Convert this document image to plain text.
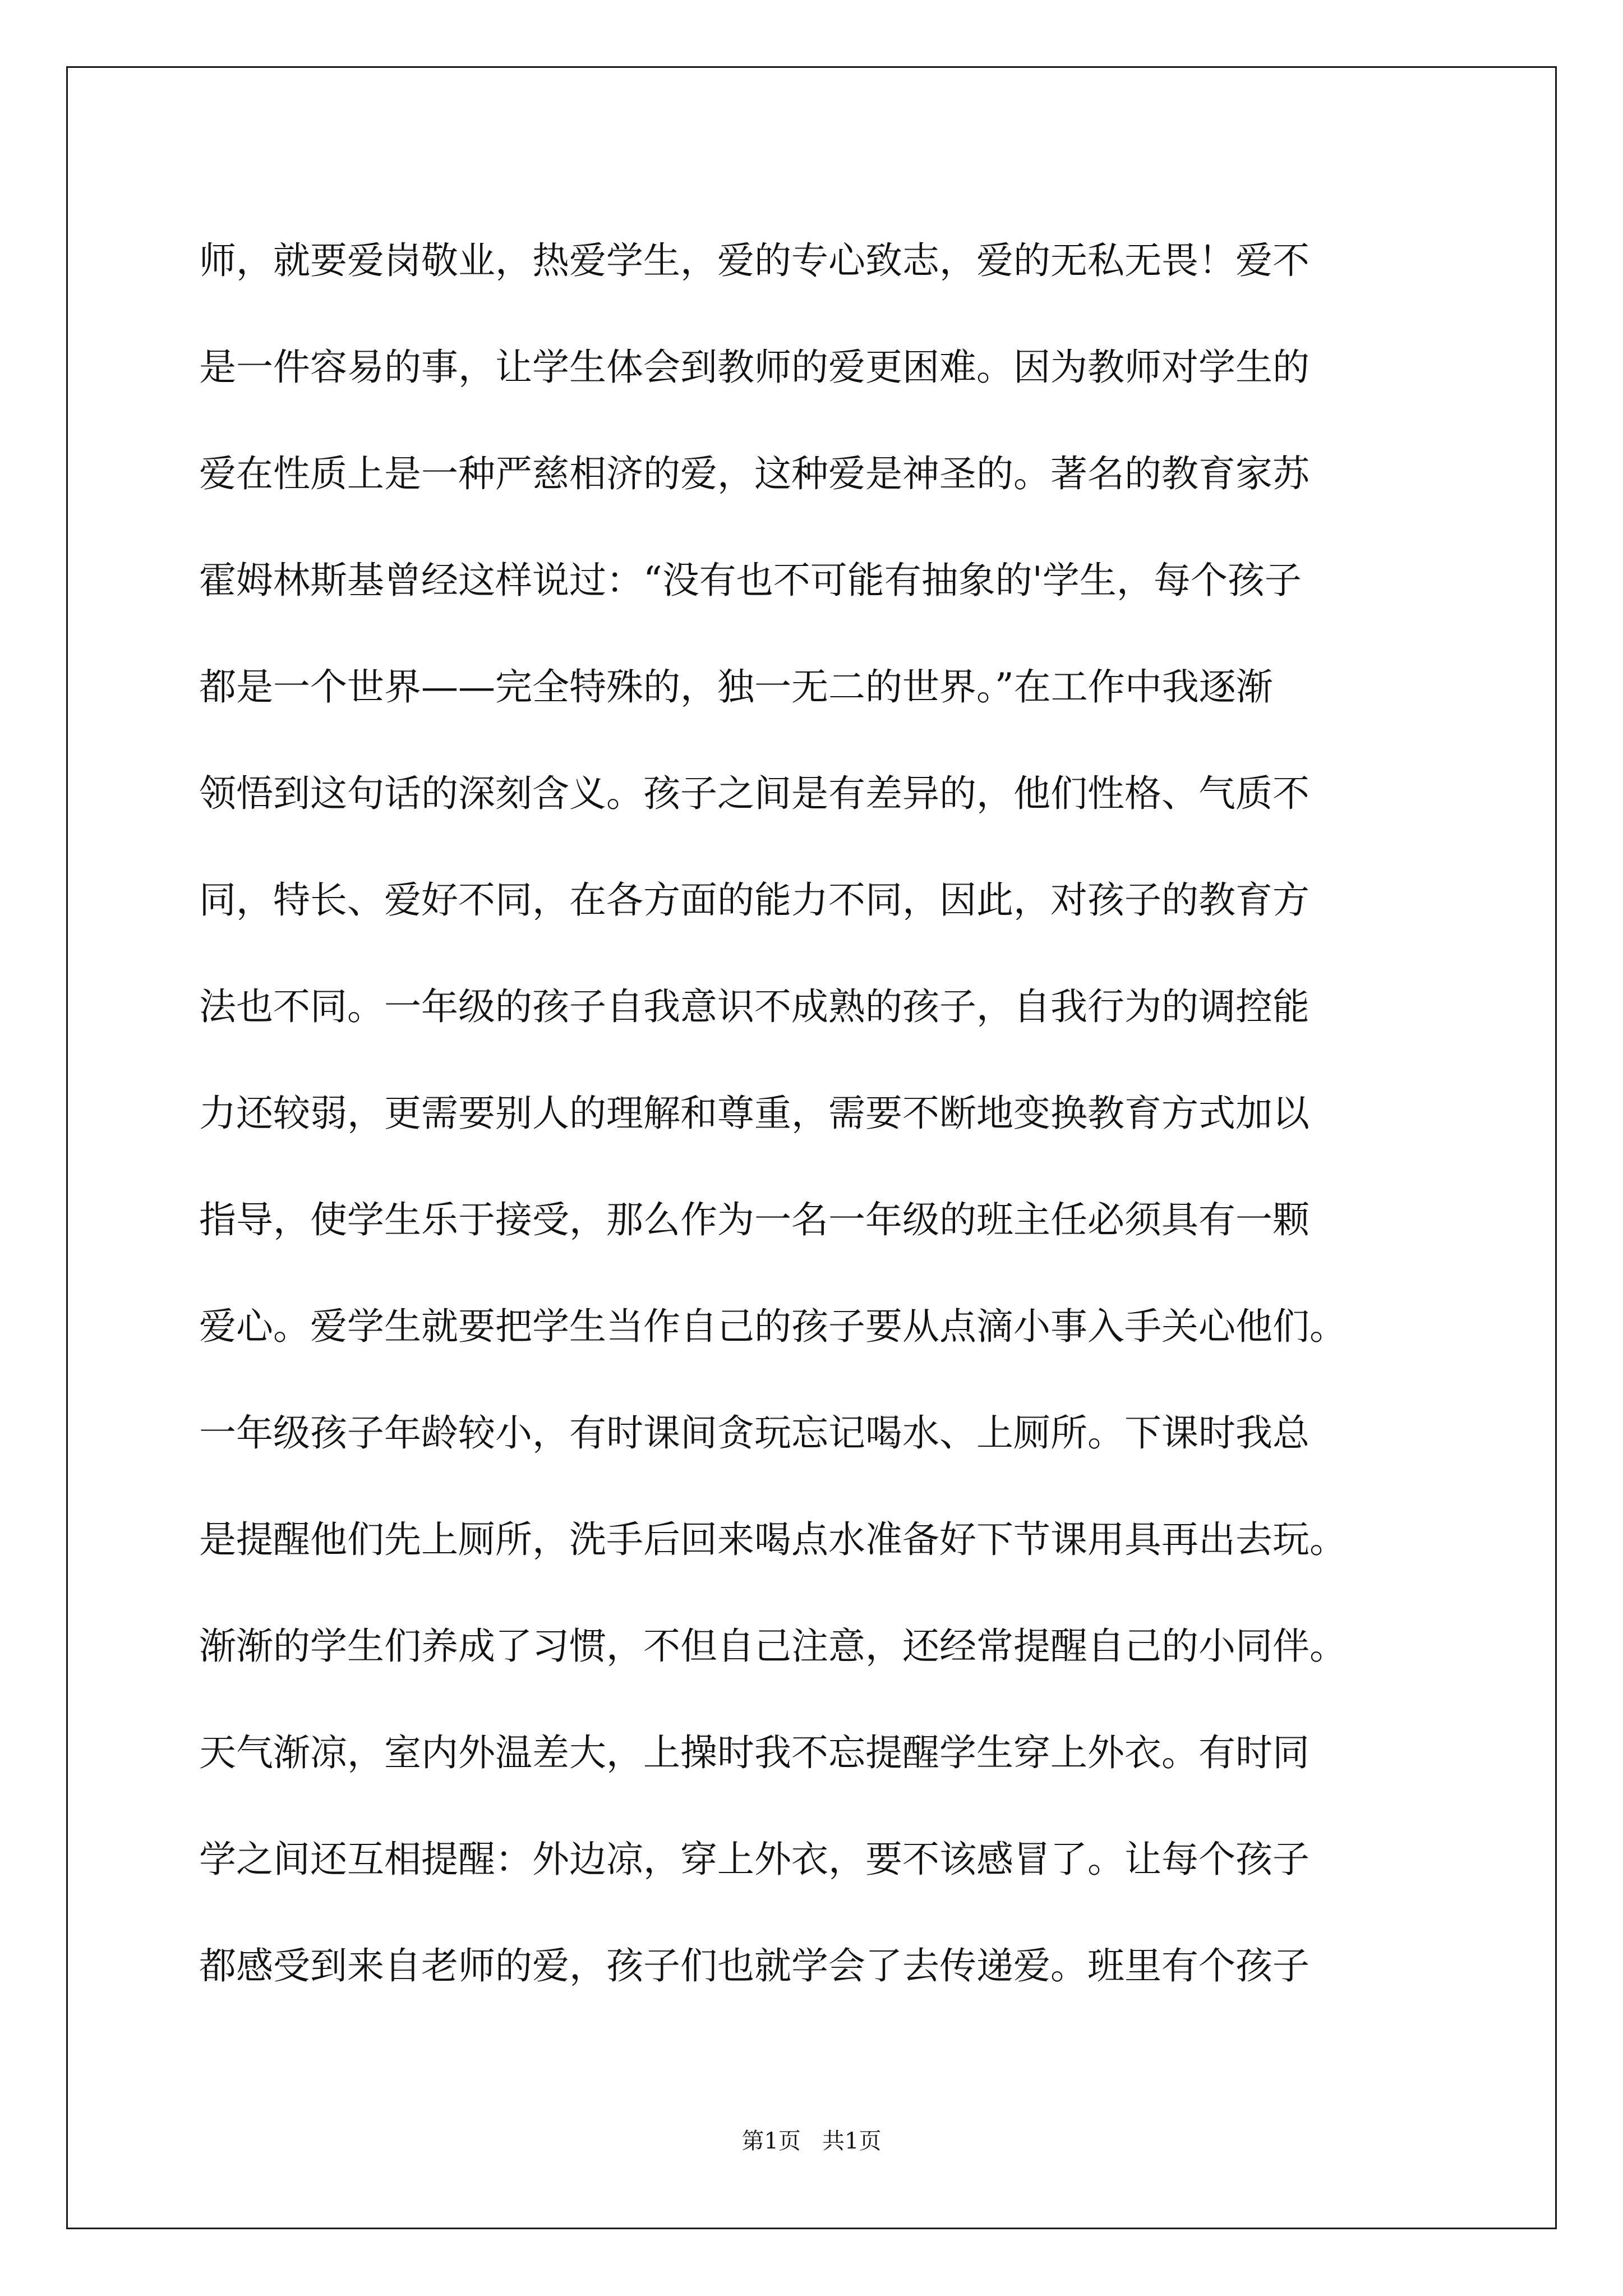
师，就要爱岗敬业，热爱学生，爱的专心致志，爱的无私无畏！爱不
是一件容易的事，让学生体会到教师的爱更困难。因为教师对学生的
爱在性质上是一种严慈相济的爱，这种爱是神圣的。著名的教育家苏
霍姆林斯基曾经这样说过：“没有也不可能有抽象的'学生，每个孩子
都是一个世界——完全特殊的，独一无二的世界。”在工作中我逐渐
领悟到这句话的深刻含义。孩子之间是有差异的，他们性格、气质不
同，特长、爱好不同，在各方面的能力不同，因此，对孩子的教育方
法也不同。一年级的孩子自我意识不成熟的孩子，自我行为的调控能
力还较弱，更需要别人的理解和尊重，需要不断地变换教育方式加以
指导，使学生乐于接受，那么作为一名一年级的班主任必须具有一颗
爱心。爱学生就要把学生当作自己的孩子要从点滴小事入手关心他们。
一年级孩子年龄较小，有时课间贪玩忘记喝水、上厕所。下课时我总
是提醒他们先上厕所，洗手后回来喝点水准备好下节课用具再出去玩。
渐渐的学生们养成了习惯，不但自己注意，还经常提醒自己的小同伴。
天气渐凉，室内外温差大，上操时我不忘提醒学生穿上外衣。有时同
学之间还互相提醒：外边凉，穿上外衣，要不该感冒了。让每个孩子
都感受到来自老师的爱，孩子们也就学会了去传递爱。班里有个孩子
第1页   共1页
